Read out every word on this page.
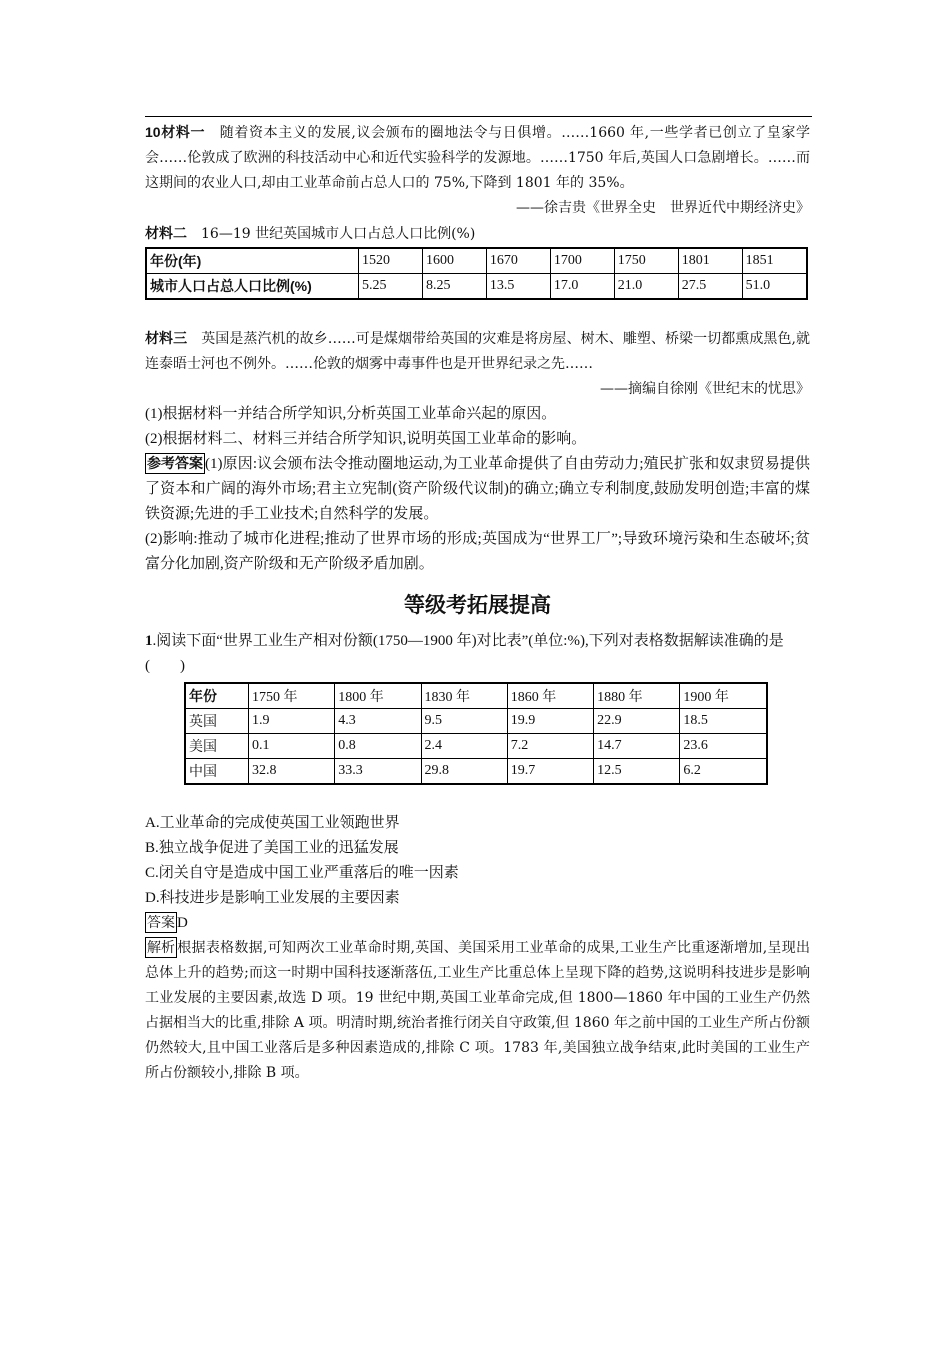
10材料一　 随着资本主义的发展,议会颁布的圈地法令与日俱增。……1660 年,一些学者已创立了皇家学会……伦敦成了欧洲的科技活动中心和近代实验科学的发源地。……1750 年后,英国人口急剧增长。……而这期间的农业人口,却由工业革命前占总人口的 75%,下降到 1801 年的 35%。

——徐吉贵《世界全史　世界近代中期经济史》

材料二　 16—19 世纪英国城市人口占总人口比例(%)

年份(年)	1520	1600	1670	1700	1750	1801	1851
城市人口占总人口比例(%)	5.25	8.25	13.5	17.0	21.0	27.5	51.0

材料三　 英国是蒸汽机的故乡……可是煤烟带给英国的灾难是将房屋、树木、雕塑、桥梁一切都熏成黑色,就连泰晤士河也不例外。……伦敦的烟雾中毒事件也是开世界纪录之先……

——摘编自徐刚《世纪末的忧思》

(1)根据材料一并结合所学知识,分析英国工业革命兴起的原因。

(2)根据材料二、材料三并结合所学知识,说明英国工业革命的影响。

参考答案 (1)原因:议会颁布法令推动圈地运动,为工业革命提供了自由劳动力;殖民扩张和奴隶贸易提供了资本和广阔的海外市场;君主立宪制(资产阶级代议制)的确立;确立专利制度,鼓励发明创造;丰富的煤铁资源;先进的手工业技术;自然科学的发展。

(2)影响:推动了城市化进程;推动了世界市场的形成;英国成为“世界工厂”;导致环境污染和生态破坏;贫富分化加剧,资产阶级和无产阶级矛盾加剧。

等级考拓展提高

1.阅读下面“世界工业生产相对份额(1750—1900 年)对比表”(单位:%),下列对表格数据解读准确的是(　　)

年份	1750 年	1800 年	1830 年	1860 年	1880 年	1900 年
英国	1.9	4.3	9.5	19.9	22.9	18.5
美国	0.1	0.8	2.4	7.2	14.7	23.6
中国	32.8	33.3	29.8	19.7	12.5	6.2

A.工业革命的完成使英国工业领跑世界

B.独立战争促进了美国工业的迅猛发展

C.闭关自守是造成中国工业严重落后的唯一因素

D.科技进步是影响工业发展的主要因素

答案 D

解析 根据表格数据,可知两次工业革命时期,英国、美国采用工业革命的成果,工业生产比重逐渐增加,呈现出总体上升的趋势;而这一时期中国科技逐渐落伍,工业生产比重总体上呈现下降的趋势,这说明科技进步是影响工业发展的主要因素,故选 D 项。19 世纪中期,英国工业革命完成,但 1800—1860 年中国的工业生产仍然占据相当大的比重,排除 A 项。明清时期,统治者推行闭关自守政策,但 1860 年之前中国的工业生产所占份额仍然较大,且中国工业落后是多种因素造成的,排除 C 项。1783 年,美国独立战争结束,此时美国的工业生产所占份额较小,排除 B 项。
